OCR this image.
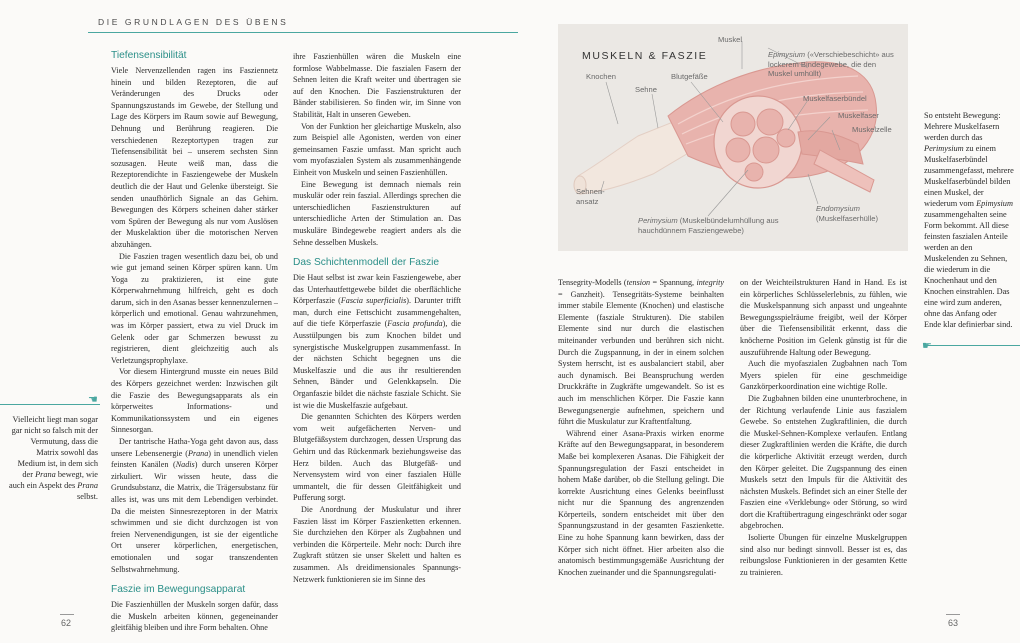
DIE GRUNDLAGEN DES ÜBENS
☚
Vielleicht liegt man sogar gar nicht so falsch mit der Vermutung, dass die Matrix sowohl das Medium ist, in dem sich der Prana bewegt, wie auch ein Aspekt des Prana selbst.
Tiefensensibilität

Viele Nervenzellenden ragen ins Fasziennetz hinein und bilden Rezeptoren, die auf Veränderungen des Drucks oder Spannungszustands im Gewebe, der Stellung und Lage des Körpers im Raum sowie auf Bewegung, Dehnung und Berührung reagieren. Die verschiedenen Rezeptortypen tragen zur Tiefensensibilität bei – unserem sechsten Sinn sozusagen. Heute weiß man, dass die Rezeptorendichte in Fasziengewebe der Muskeln deutlich die der Haut und Gelenke übersteigt. Sie senden unaufhörlich Signale an das Gehirn. Bewegungen des Körpers scheinen daher stärker vom Spüren der Bewegung als nur vom Auslösen der Muskelaktion über die motorischen Nerven abzuhängen.

Die Faszien tragen wesentlich dazu bei, ob und wie gut jemand seinen Körper spüren kann. Um Yoga zu praktizieren, ist eine gute Körperwahrnehmung hilfreich, geht es doch darum, sich in den Asanas besser kennenzulernen – körperlich und emotional. Genau wahrzunehmen, was im Körper passiert, etwa zu viel Druck im Gelenk oder gar Schmerzen bewusst zu registrieren, dient gleichzeitig auch als Verletzungsprophylaxe.

Vor diesem Hintergrund musste ein neues Bild des Körpers gezeichnet werden: Inzwischen gilt die Faszie des Bewegungsapparats als ein körperweites Informations- und Kommunikationssystem und ein eigenes Sinnesorgan.

Der tantrische Hatha-Yoga geht davon aus, dass unsere Lebensenergie (Prana) in unendlich vielen feinsten Kanälen (Nadis) durch unseren Körper zirkuliert. Wir wissen heute, dass die Grundsubstanz, die Matrix, die Trägersubstanz für alles ist, was uns mit dem Lebendigen verbindet. Da die meisten Sinnesrezeptoren in der Matrix schwimmen und sie dicht durchzogen ist von freien Nervenendigungen, ist sie der eigentliche Ort unserer körperlichen, energetischen, emotionalen und sogar transzendenten Selbstwahrnehmung.

Faszie im Bewegungsapparat

Die Faszienhüllen der Muskeln sorgen dafür, dass die Muskeln arbeiten können, gegeneinander gleitfähig bleiben und ihre Form behalten. Ohne

ihre Faszienhüllen wären die Muskeln eine formlose Wabbelmasse. Die faszialen Fasern der Sehnen leiten die Kraft weiter und übertragen sie auf den Knochen. Die Faszienstrukturen der Bänder stabilisieren. So finden wir, im Sinne von Stabilität, Halt in unseren Geweben.

Von der Funktion her gleichartige Muskeln, also zum Beispiel alle Agonisten, werden von einer gemeinsamen Faszie umfasst. Man spricht auch vom myofaszialen System als zusammenhängende Einheit von Muskeln und seinen Faszienhüllen.

Eine Bewegung ist demnach niemals rein muskulär oder rein faszial. Allerdings sprechen die unterschiedlichen Faszienstrukturen auf unterschiedliche Arten der Stimulation an. Das muskuläre Bindegewebe reagiert anders als die Sehne desselben Muskels.

Das Schichtenmodell der Faszie

Die Haut selbst ist zwar kein Fasziengewebe, aber das Unterhautfettgewebe bildet die oberflächliche Körperfaszie (Fascia superficialis). Darunter trifft man, durch eine Fettschicht zusammengehalten, auf die tiefe Körperfaszie (Fascia profunda), die Ausstülpungen bis zum Knochen bildet und synergistische Muskelgruppen zusammenfasst. In der nächsten Schicht begegnen uns die Muskelfaszie und die aus ihr resultierenden Sehnen, Bänder und Gelenkkapseln. Die Organfaszie bildet die nächste fasziale Schicht. Sie ist wie die Muskelfaszie aufgebaut.

Die genannten Schichten des Körpers werden vom weit aufgefächerten Nerven- und Blutgefäßsystem durchzogen, dessen Ursprung das Gehirn und das Rückenmark beziehungsweise das Herz bilden. Auch das Blutgefäß- und Nervensystem wird von einer faszialen Hülle ummantelt, die für dessen Gleitfähigkeit und Pufferung sorgt.

Die Anordnung der Muskulatur und ihrer Faszien lässt im Körper Faszienketten erkennen. Sie durchziehen den Körper als Zugbahnen und verbinden die Körperteile. Mehr noch: Durch ihre Zugkraft stützen sie unser Skelett und halten es zusammen. Als dreidimensionales Spannungs-Netzwerk funktionieren sie im Sinne des

62	63
MUSKELN & FASZIE
Muskel
Epimysium («Verschiebeschicht» aus lockerem Bindegewebe, die den Muskel umhüllt)
Knochen	Blutgefäße
Sehne
Muskelfaserbündel
Muskelfaser
Muskelzelle
Sehnen-ansatz
Endomysium
(Muskelfaserhülle)
Perimysium (Muskelbündelumhüllung aus hauchdünnem Fasziengewebe)

Tensegrity-Modells (tension = Spannung, integrity = Ganzheit). Tensegritäts-Systeme beinhalten immer stabile Elemente (Knochen) und elastische Elemente (fasziale Strukturen). Die stabilen Elemente sind nur durch die elastischen miteinander verbunden und berühren sich nicht. Durch die Zugspannung, in der in einem solchen System herrscht, ist es ausbalanciert stabil, aber auch dynamisch. Bei Beanspruchung werden Druckkräfte in Zugkräfte umgewandelt. So ist es auch im menschlichen Körper. Die Faszie kann Bewegungsenergie aufnehmen, speichern und führt die Muskulatur zur Kraftentfaltung.

Während einer Asana-Praxis wirken enorme Kräfte auf den Bewegungsapparat, in besonderem Maße bei komplexeren Asanas. Die Fähigkeit der Spannungsregulation der Faszi entscheidet in hohem Maße darüber, ob die Stellung gelingt. Die korrekte Ausrichtung eines Gelenks beeinflusst nicht nur die Spannung des angrenzenden Körperteils, sondern entscheidet mit über den Spannungszustand in der gesamten Faszienkette. Eine zu hohe Spannung kann bewirken, dass der Körper sich nicht öffnet. Hier arbeiten also die anatomisch bestimmungsgemäße Ausrichtung der Knochen zueinander und die Spannungsregulati-

on der Weichteilstrukturen Hand in Hand. Es ist ein körperliches Schlüsselerlebnis, zu fühlen, wie die Muskelspannung sich anpasst und ungeahnte Bewegungsspielräume freigibt, weil der Körper über die Tiefensensibilität erkennt, dass die knöcherne Position im Gelenk günstig ist für die auszuführende Haltung oder Bewegung.

Auch die myofaszialen Zugbahnen nach Tom Myers spielen für eine geschmeidige Ganzkörperkoordination eine wichtige Rolle.

Die Zugbahnen bilden eine ununterbrochene, in der Richtung verlaufende Linie aus faszialem Gewebe. So entstehen Zugkraftlinien, die durch die Muskel-Sehnen-Komplexe verlaufen. Entlang dieser Zugkraftlinien werden die Kräfte, die durch die körperliche Aktivität erzeugt werden, durch den Körper geleitet. Die Zugspannung des einen Muskels setzt den Impuls für die Aktivität des nächsten Muskels. Befindet sich an einer Stelle der Faszien eine «Verklebung» oder Störung, so wird dort die Kraftübertragung eingeschränkt oder sogar abgebrochen.

Isolierte Übungen für einzelne Muskelgruppen sind also nur bedingt sinnvoll. Besser ist es, das reibungslose Funktionieren in der gesamten Kette zu trainieren.

So entsteht Bewegung: Mehrere Muskelfasern werden durch das Perimysium zu einem Muskelfaserbündel zusammengefasst, mehrere Muskelfaserbündel bilden einen Muskel, der wiederum vom Epimysium zusammengehalten seine Form bekommt. All diese feinsten faszialen Anteile werden an den Muskelenden zu Sehnen, die wiederum in die Knochenhaut und den Knochen einstrahlen. Das eine wird zum anderen, ohne das Anfang oder Ende klar definierbar sind.
☛
